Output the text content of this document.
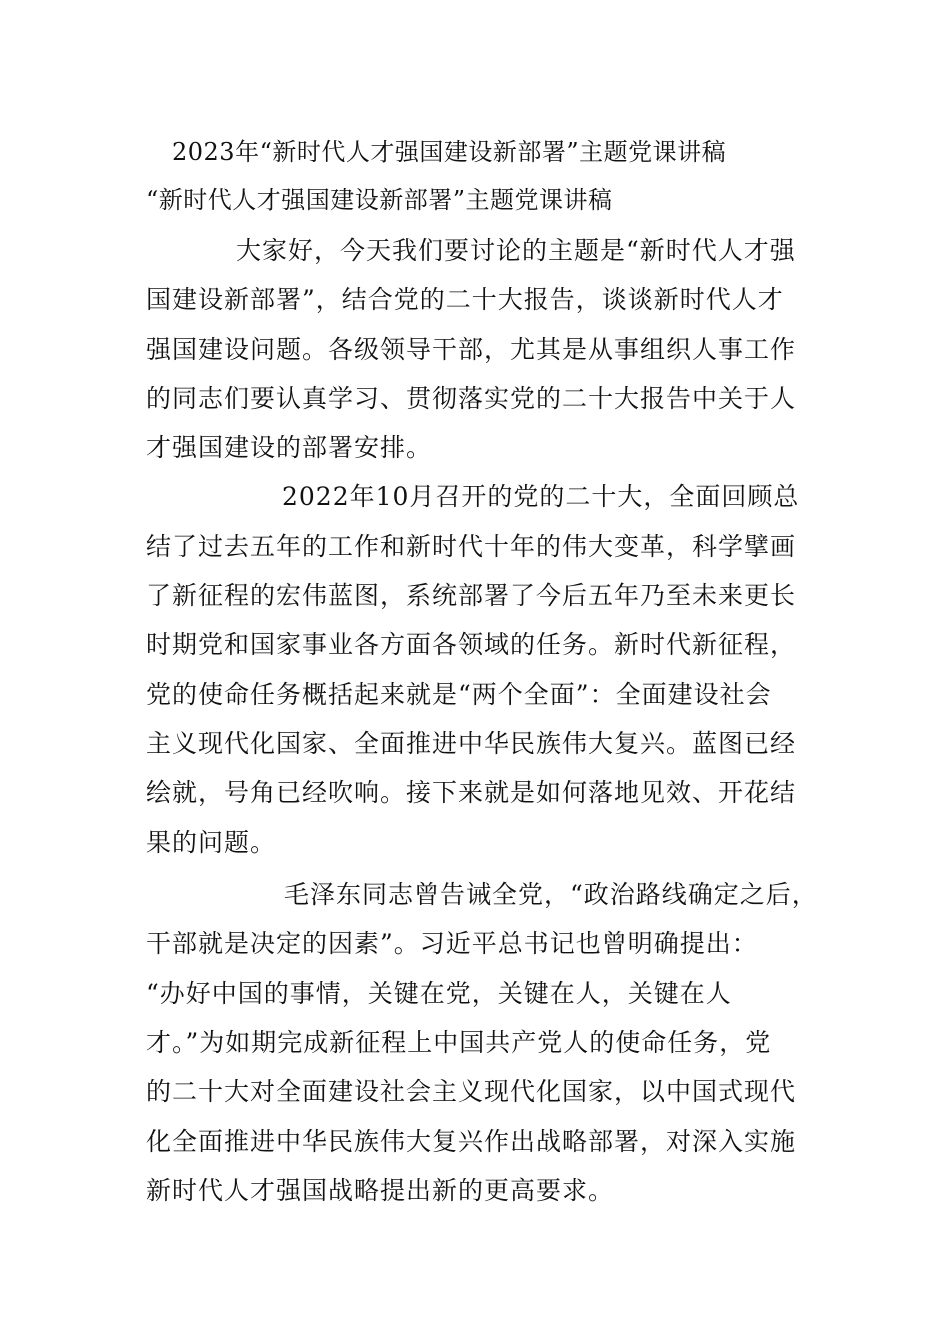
2023年“新时代人才强国建设新部署”主题党课讲稿
“新时代人才强国建设新部署”主题党课讲稿
大家好，今天我们要讨论的主题是“新时代人才强
国建设新部署”，结合党的二十大报告，谈谈新时代人才
强国建设问题。各级领导干部，尤其是从事组织人事工作
的同志们要认真学习、贯彻落实党的二十大报告中关于人
才强国建设的部署安排。
2022年10月召开的党的二十大，全面回顾总
结了过去五年的工作和新时代十年的伟大变革，科学擘画
了新征程的宏伟蓝图，系统部署了今后五年乃至未来更长
时期党和国家事业各方面各领域的任务。新时代新征程，
党的使命任务概括起来就是“两个全面”：全面建设社会
主义现代化国家、全面推进中华民族伟大复兴。蓝图已经
绘就，号角已经吹响。接下来就是如何落地见效、开花结
果的问题。
毛泽东同志曾告诫全党，“政治路线确定之后，
干部就是决定的因素”。习近平总书记也曾明确提出：
“办好中国的事情，关键在党，关键在人，关键在人
才。”为如期完成新征程上中国共产党人的使命任务，党
的二十大对全面建设社会主义现代化国家，以中国式现代
化全面推进中华民族伟大复兴作出战略部署，对深入实施
新时代人才强国战略提出新的更高要求。
